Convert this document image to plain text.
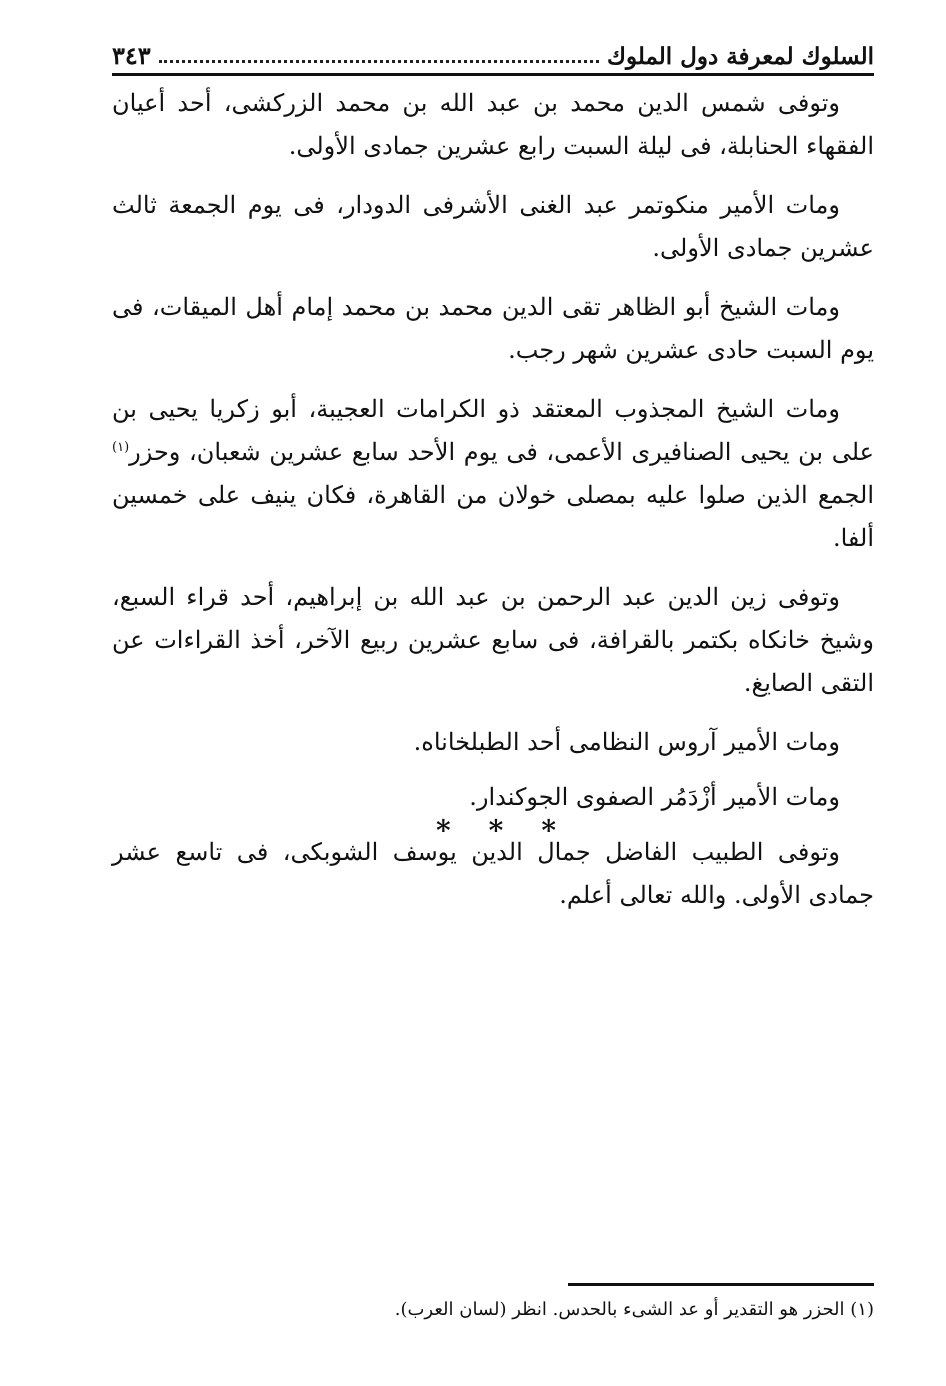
السلوك لمعرفة دول الملوك
٣٤٣

وتوفى شمس الدين محمد بن عبد الله بن محمد الزركشى، أحد أعيان الفقهاء الحنابلة، فى ليلة السبت رابع عشرين جمادى الأولى.

ومات الأمير منكوتمر عبد الغنى الأشرفى الدودار، فى يوم الجمعة ثالث عشرين جمادى الأولى.

ومات الشيخ أبو الظاهر تقى الدين محمد بن محمد إمام أهل الميقات، فى يوم السبت حادى عشرين شهر رجب.

ومات الشيخ المجذوب المعتقد ذو الكرامات العجيبة، أبو زكريا يحيى بن على بن يحيى الصنافيرى الأعمى، فى يوم الأحد سابع عشرين شعبان، وحزر$^{(١)}$ الجمع الذين صلوا عليه بمصلى خولان من القاهرة، فكان ينيف على خمسين ألفا.

وتوفى زين الدين عبد الرحمن بن عبد الله بن إبراهيم، أحد قراء السبع، وشيخ خانكاه بكتمر بالقرافة، فى سابع عشرين ربيع الآخر، أخذ القراءات عن التقى الصايغ.

ومات الأمير آروس النظامى أحد الطبلخاناه.

ومات الأمير أزْدَمُر الصفوى الجوكندار.

وتوفى الطبيب الفاضل جمال الدين يوسف الشوبكى، فى تاسع عشر جمادى الأولى. والله تعالى أعلم.

* * *
(١) الحزر هو التقدير أو عد الشىء بالحدس. انظر (لسان العرب).
